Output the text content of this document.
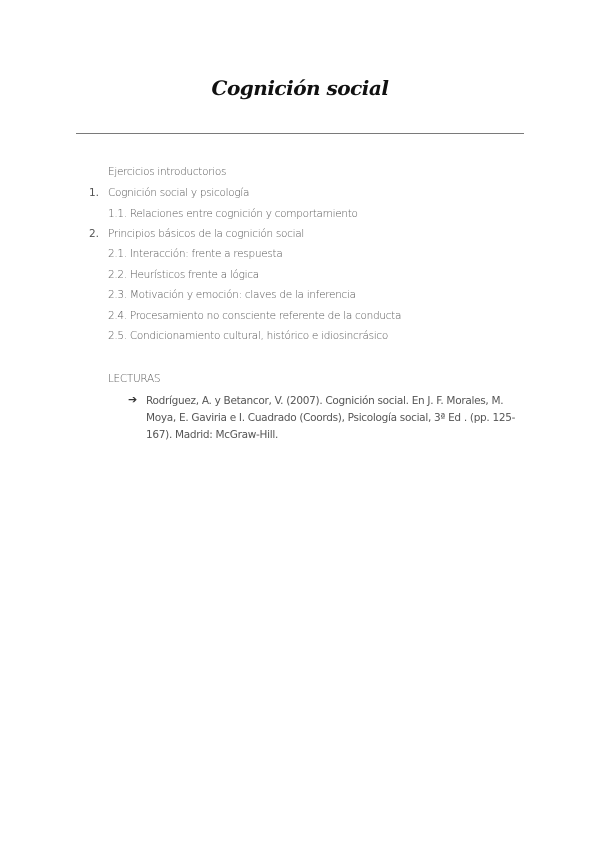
Cognición social
Ejercicios introductorios
1. Cognición social y psicología
1.1. Relaciones entre cognición y comportamiento
2. Principios básicos de la cognición social
2.1. Interacción: frente a respuesta
2.2. Heurísticos frente a lógica
2.3. Motivación y emoción: claves de la inferencia
2.4. Procesamiento no consciente referente de la conducta
2.5. Condicionamiento cultural, histórico e idiosincrásico
LECTURAS
➔ Rodríguez, A. y Betancor, V. (2007). Cognición social. En J. F. Morales, M. Moya, E. Gaviria e I. Cuadrado (Coords), Psicología social, 3ª Ed . (pp. 125-167). Madrid: McGraw-Hill.
